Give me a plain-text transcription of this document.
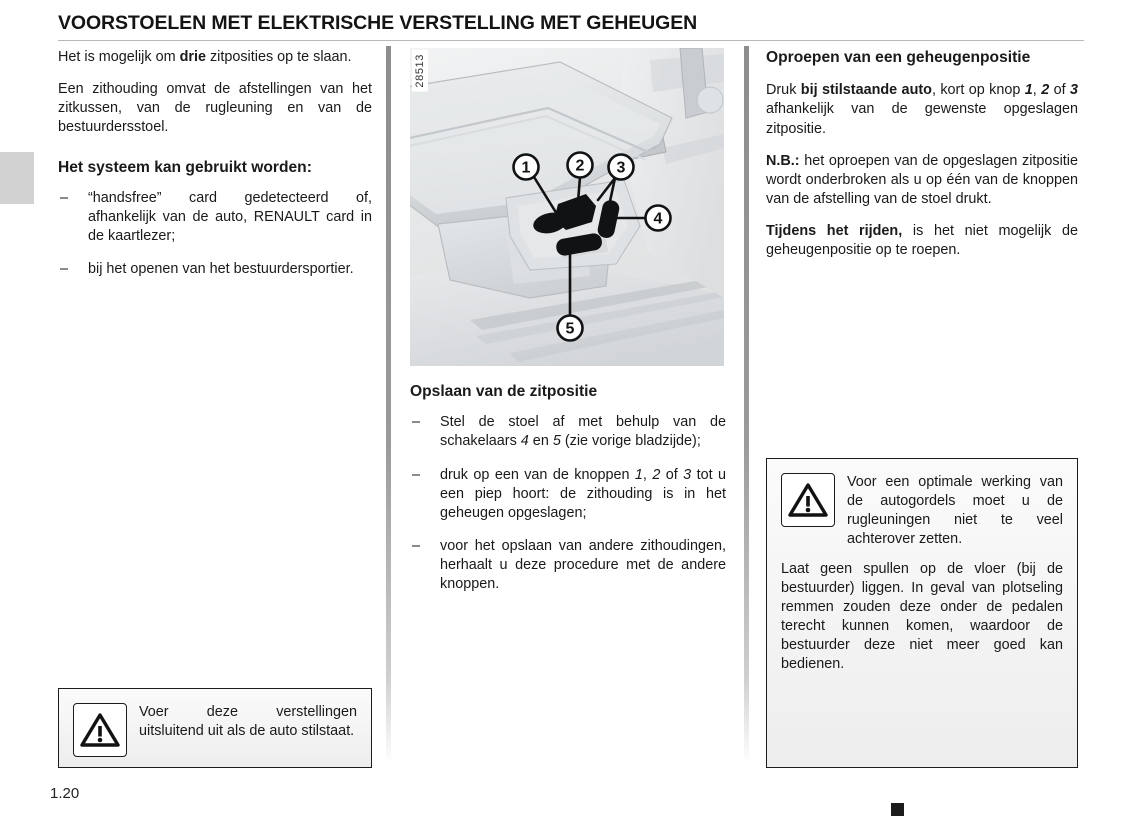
VOORSTOELEN MET ELEKTRISCHE VERSTELLING MET GEHEUGEN
Het is mogelijk om drie zitposities op te slaan.
Een zithouding omvat de afstellingen van het zitkussen, van de rugleuning en van de bestuurdersstoel.
Het systeem kan gebruikt worden:
– “handsfree” card gedetecteerd of, afhankelijk van de auto, RENAULT card in de kaartlezer;
– bij het openen van het bestuurdersportier.
28513
1	2 3
4
5
Opslaan van de zitpositie
– Stel de stoel af met behulp van de schakelaars 4 en 5 (zie vorige bladzijde);
– druk op een van de knoppen 1, 2 of 3 tot u een piep hoort: de zithouding is in het geheugen opgeslagen;
– voor het opslaan van andere zithoudingen, herhaalt u deze procedure met de andere knoppen.
Oproepen van een geheugenpositie
Druk bij stilstaande auto, kort op knop 1, 2 of 3 afhankelijk van de gewenste opgeslagen zitpositie.
N.B.: het oproepen van de opgeslagen zitpositie wordt onderbroken als u op één van de knoppen van de afstelling van de stoel drukt.
Tijdens het rijden, is het niet mogelijk de geheugenpositie op te roepen.

Voer deze verstellingen uitsluitend uit als de auto stilstaat.

Voor een optimale werking van de autogordels moet u de rugleuningen niet te veel achterover zetten.

Laat geen spullen op de vloer (bij de bestuurder) liggen. In geval van plotseling remmen zouden deze onder de pedalen terecht kunnen komen, waardoor de bestuurder deze niet meer goed kan bedienen.
1.20
